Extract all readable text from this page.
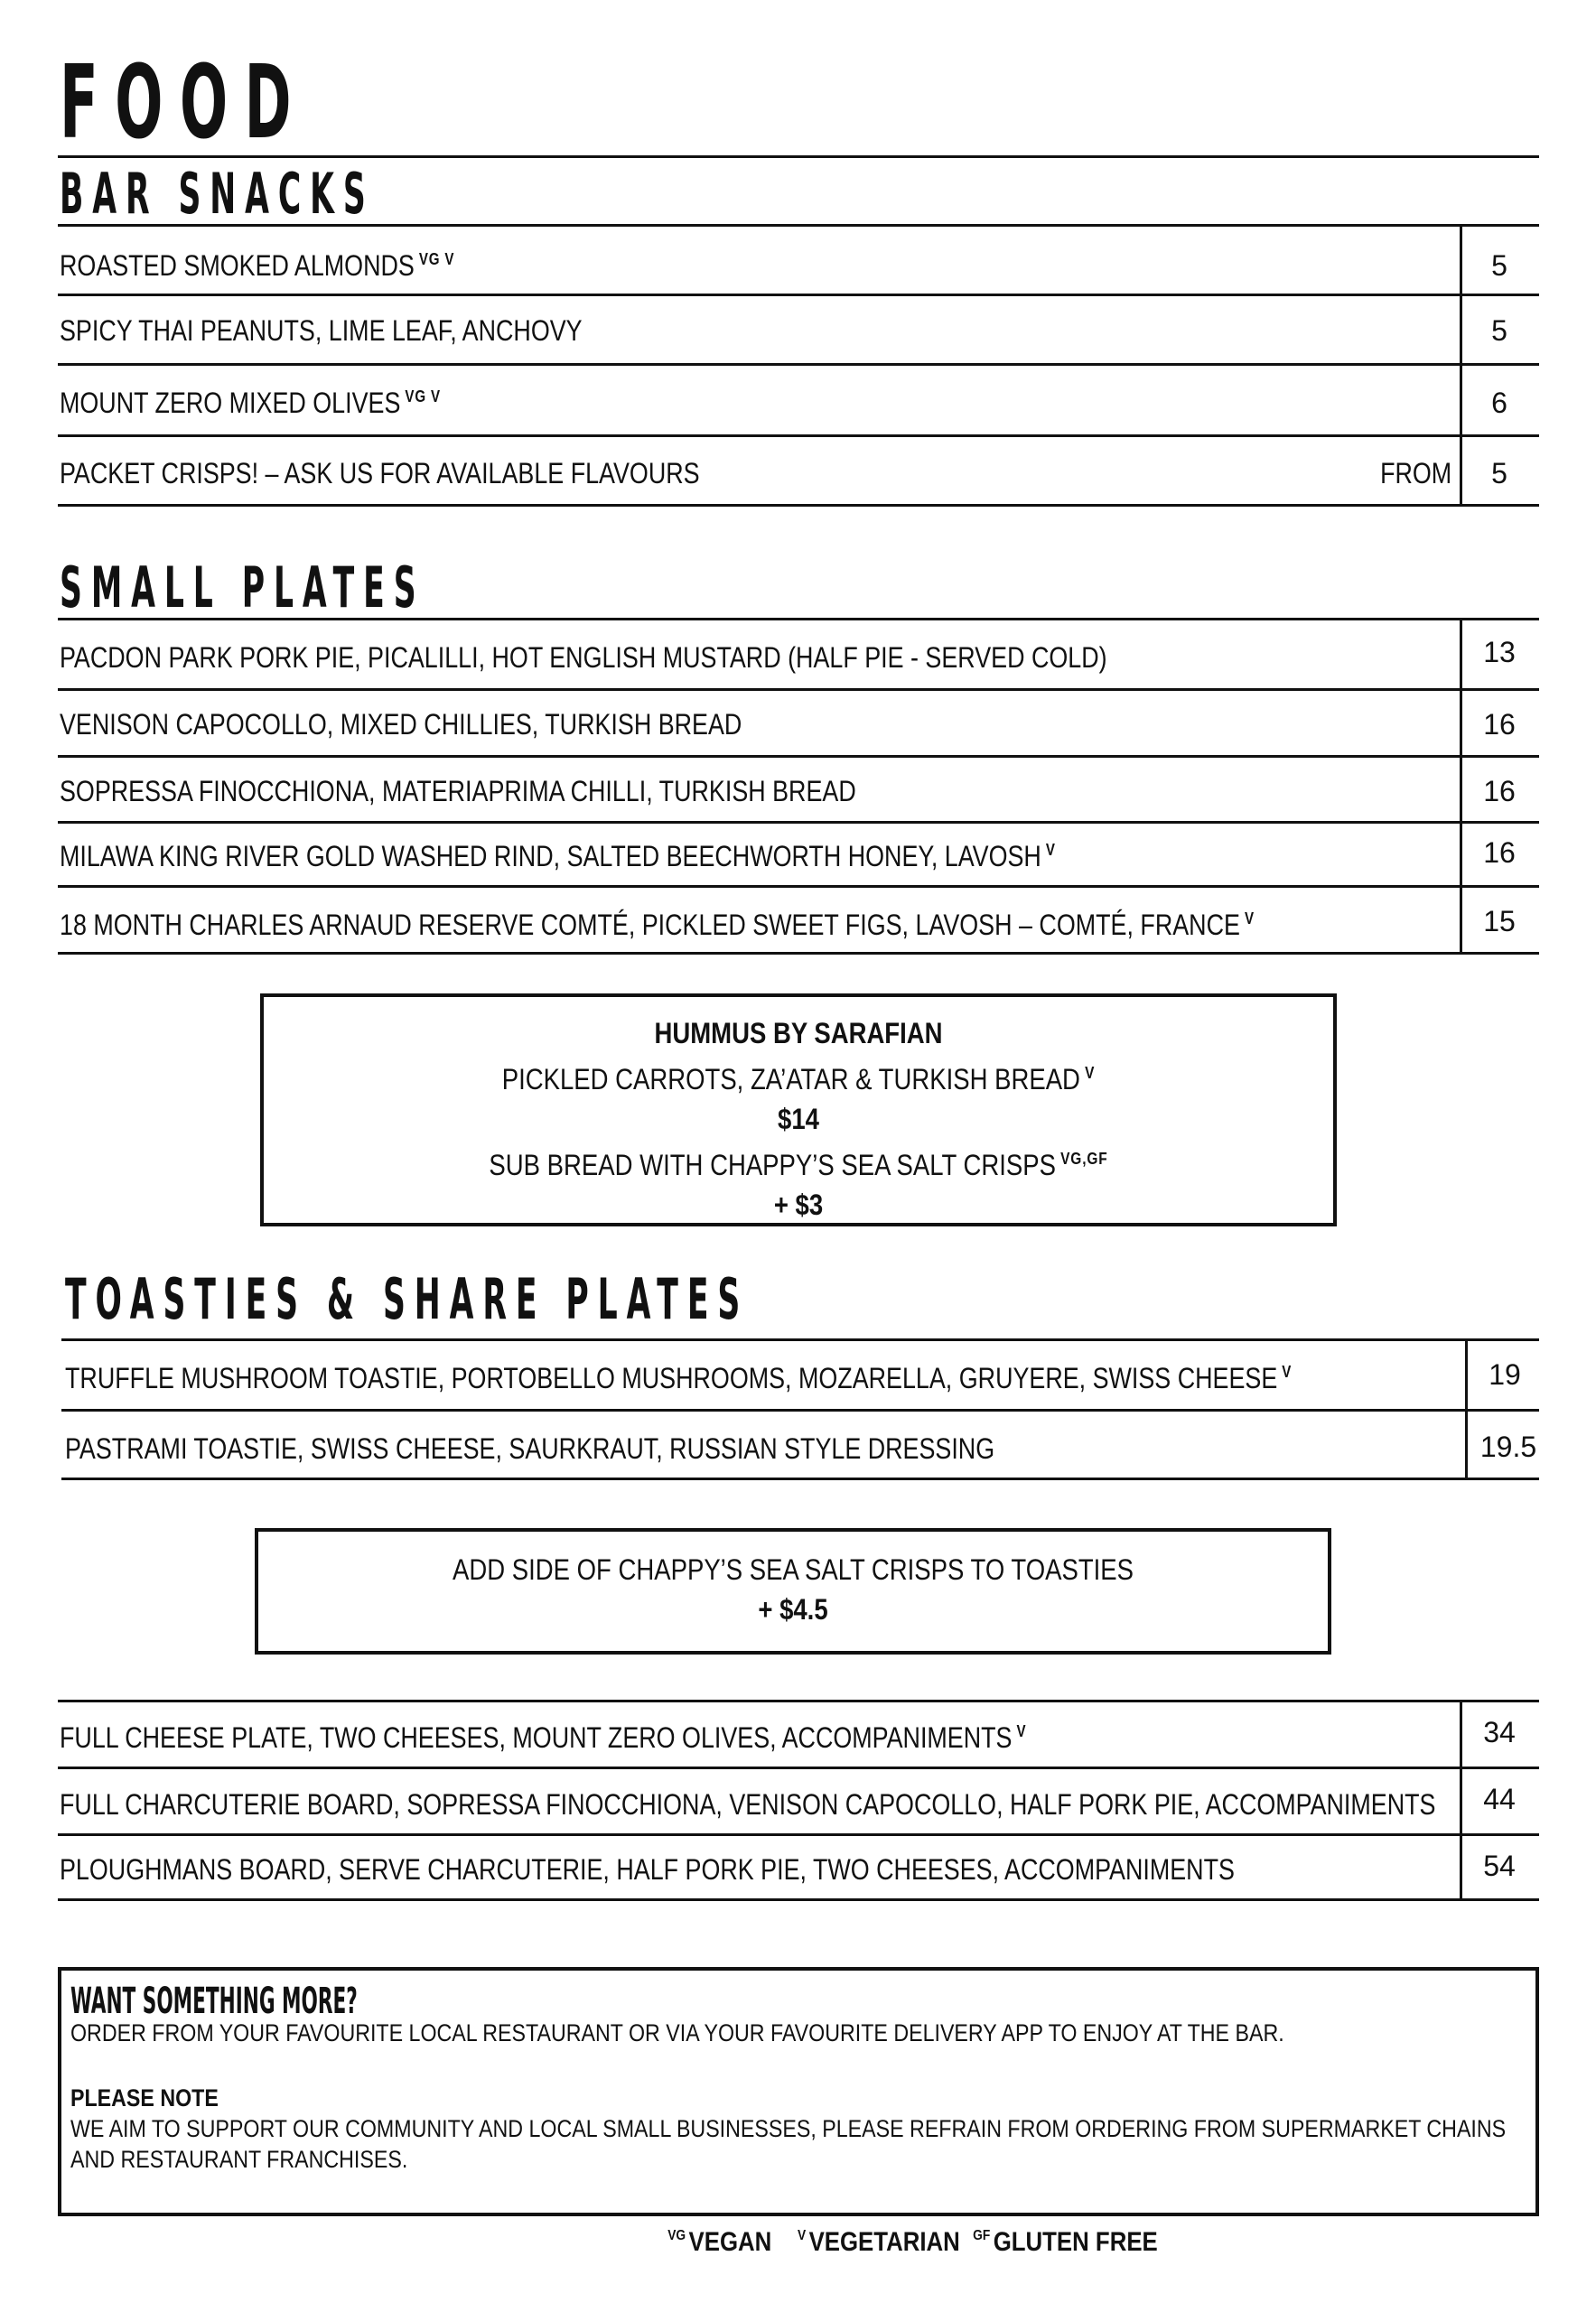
FOOD
BAR SNACKS
ROASTED SMOKED ALMONDS $^{VG V}$	5
SPICY THAI PEANUTS, LIME LEAF, ANCHOVY	5
MOUNT ZERO MIXED OLIVES $^{VG V}$	6
PACKET CRISPS! – ASK US FOR AVAILABLE FLAVOURS	FROM	5
SMALL PLATES
PACDON PARK PORK PIE, PICALILLI, HOT ENGLISH MUSTARD (HALF PIE - SERVED COLD)	13
VENISON CAPOCOLLO, MIXED CHILLIES, TURKISH BREAD	16
SOPRESSA FINOCCHIONA, MATERIAPRIMA CHILLI, TURKISH BREAD	16
MILAWA KING RIVER GOLD WASHED RIND, SALTED BEECHWORTH HONEY, LAVOSH $^V$	16
18 MONTH CHARLES ARNAUD RESERVE COMTÉ, PICKLED SWEET FIGS, LAVOSH – COMTÉ, FRANCE $^V$	15
HUMMUS BY SARAFIAN
PICKLED CARROTS, ZA’ATAR & TURKISH BREAD $^V$
$14
SUB BREAD WITH CHAPPY’S SEA SALT CRISPS $^{VG,GF}$
+ $3
TOASTIES & SHARE PLATES
TRUFFLE MUSHROOM TOASTIE, PORTOBELLO MUSHROOMS, MOZARELLA, GRUYERE, SWISS CHEESE $^V$	19
PASTRAMI TOASTIE, SWISS CHEESE, SAURKRAUT, RUSSIAN STYLE DRESSING	19.5
ADD SIDE OF CHAPPY’S SEA SALT CRISPS TO TOASTIES
+ $4.5
FULL CHEESE PLATE, TWO CHEESES, MOUNT ZERO OLIVES, ACCOMPANIMENTS $^V$	34
FULL CHARCUTERIE BOARD, SOPRESSA FINOCCHIONA, VENISON CAPOCOLLO, HALF PORK PIE, ACCOMPANIMENTS	44
PLOUGHMANS BOARD, SERVE CHARCUTERIE, HALF PORK PIE, TWO CHEESES, ACCOMPANIMENTS	54
WANT SOMETHING MORE?

ORDER FROM YOUR FAVOURITE LOCAL RESTAURANT OR VIA YOUR FAVOURITE DELIVERY APP TO ENJOY AT THE BAR.

PLEASE NOTE

WE AIM TO SUPPORT OUR COMMUNITY AND LOCAL SMALL BUSINESSES, PLEASE REFRAIN FROM ORDERING FROM SUPERMARKET CHAINS

AND RESTAURANT FRANCHISES.

$^{VG}$ VEGAN $^V$ VEGETARIAN $^{GF}$ GLUTEN FREE
